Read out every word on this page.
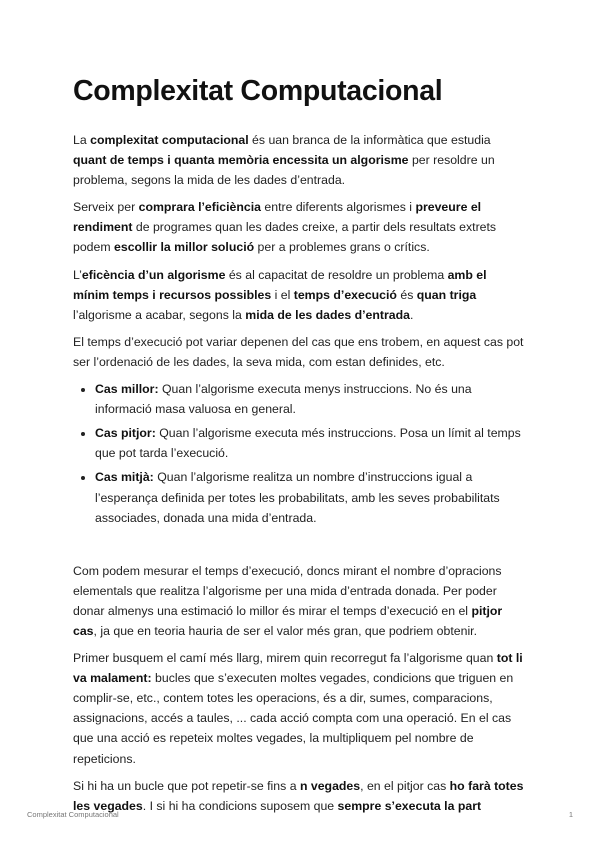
Complexitat Computacional

La complexitat computacional és uan branca de la informàtica que estudia quant de temps i quanta memòria encessita un algorisme per resoldre un problema, segons la mida de les dades d’entrada.

Serveix per comprara l’eficiència entre diferents algorismes i preveure el rendiment de programes quan les dades creixe, a partir dels resultats extrets podem escollir la millor solució per a problemes grans o crítics.

L’eficència d’un algorisme és al capacitat de resoldre un problema amb el mínim temps i recursos possibles i el temps d’execució és quan triga l’algorisme a acabar, segons la mida de les dades d’entrada.

El temps d’execució pot variar depenen del cas que ens trobem, en aquest cas pot ser l’ordenació de les dades, la seva mida, com estan definides, etc.

• Cas millor: Quan l’algorisme executa menys instruccions. No és una informació masa valuosa en general.
• Cas pitjor: Quan l’algorisme executa més instruccions. Posa un límit al temps que pot tarda l’execució.
• Cas mitjà: Quan l’algorisme realitza un nombre d’instruccions igual a l’esperança definida per totes les probabilitats, amb les seves probabilitats associades, donada una mida d’entrada.

Com podem mesurar el temps d’execució, doncs mirant el nombre d’opracions elementals que realitza l’algorisme per una mida d’entrada donada. Per poder donar almenys una estimació lo millor és mirar el temps d’execució en el pitjor cas, ja que en teoria hauria de ser el valor més gran, que podriem obtenir.

Primer busquem el camí més llarg, mirem quin recorregut fa l’algorisme quan tot li va malament: bucles que s’executen moltes vegades, condicions que triguen en complir-se, etc., contem totes les operacions, és a dir, sumes, comparacions, assignacions, accés a taules, ... cada acció compta com una operació. En el cas que una acció es repeteix moltes vegades, la multipliquem pel nombre de repeticions.

Si hi ha un bucle que pot repetir-se fins a n vegades, en el pitjor cas ho farà totes les vegades. I si hi ha condicions suposem que sempre s’executa la part

Complexitat Computacional	1
